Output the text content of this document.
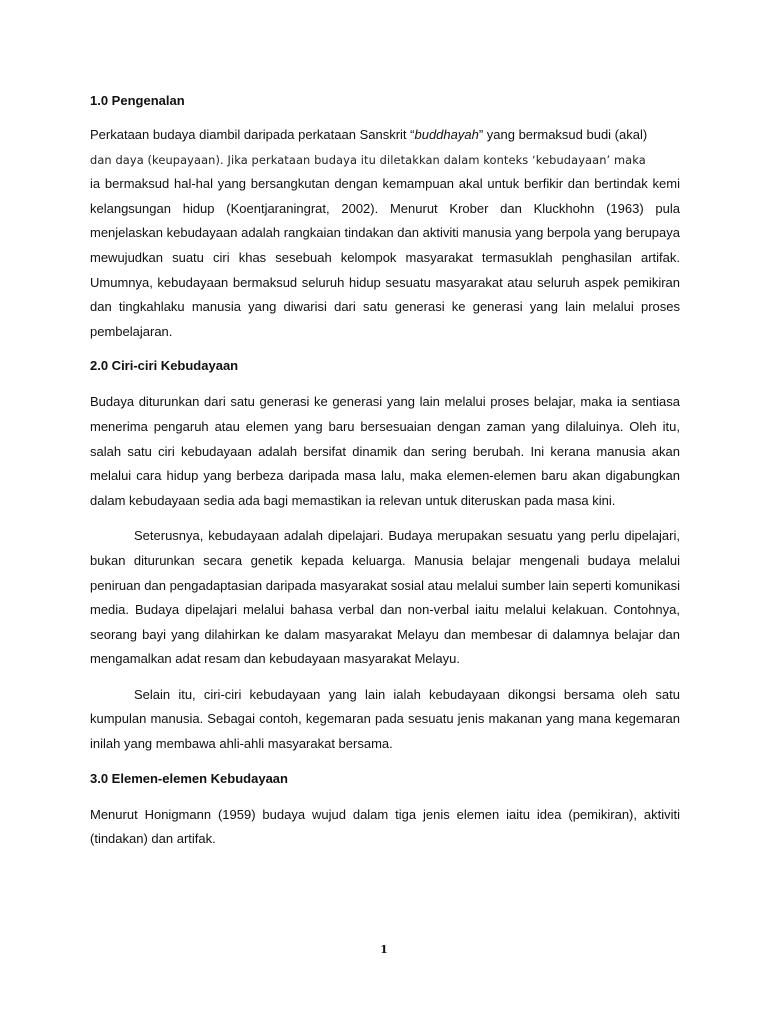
1.0 Pengenalan

Perkataan budaya diambil daripada perkataan Sanskrit “buddhayah” yang bermaksud budi (akal)
dan daya (keupayaan). Jika perkataan budaya itu diletakkan dalam konteks ‘kebudayaan’ maka
ia bermaksud hal-hal yang bersangkutan dengan kemampuan akal untuk berfikir dan bertindak kemi kelangsungan hidup (Koentjaraningrat, 2002). Menurut Krober dan Kluckhohn (1963) pula menjelaskan kebudayaan adalah rangkaian tindakan dan aktiviti manusia yang berpola yang berupaya mewujudkan suatu ciri khas sesebuah kelompok masyarakat termasuklah penghasilan artifak. Umumnya, kebudayaan bermaksud seluruh hidup sesuatu masyarakat atau seluruh aspek pemikiran dan tingkahlaku manusia yang diwarisi dari satu generasi ke generasi yang lain melalui proses pembelajaran.

2.0 Ciri-ciri Kebudayaan

Budaya diturunkan dari satu generasi ke generasi yang lain melalui proses belajar, maka ia sentiasa menerima pengaruh atau elemen yang baru bersesuaian dengan zaman yang dilaluinya. Oleh itu, salah satu ciri kebudayaan adalah bersifat dinamik dan sering berubah. Ini kerana manusia akan melalui cara hidup yang berbeza daripada masa lalu, maka elemen-elemen baru akan digabungkan dalam kebudayaan sedia ada bagi memastikan ia relevan untuk diteruskan pada masa kini.

Seterusnya, kebudayaan adalah dipelajari. Budaya merupakan sesuatu yang perlu dipelajari, bukan diturunkan secara genetik kepada keluarga. Manusia belajar mengenali budaya melalui peniruan dan pengadaptasian daripada masyarakat sosial atau melalui sumber lain seperti komunikasi media. Budaya dipelajari melalui bahasa verbal dan non-verbal iaitu melalui kelakuan. Contohnya, seorang bayi yang dilahirkan ke dalam masyarakat Melayu dan membesar di dalamnya belajar dan mengamalkan adat resam dan kebudayaan masyarakat Melayu.

Selain itu, ciri-ciri kebudayaan yang lain ialah kebudayaan dikongsi bersama oleh satu kumpulan manusia. Sebagai contoh, kegemaran pada sesuatu jenis makanan yang mana kegemaran inilah yang membawa ahli-ahli masyarakat bersama.

3.0 Elemen-elemen Kebudayaan

Menurut Honigmann (1959) budaya wujud dalam tiga jenis elemen iaitu idea (pemikiran), aktiviti (tindakan) dan artifak.

1
